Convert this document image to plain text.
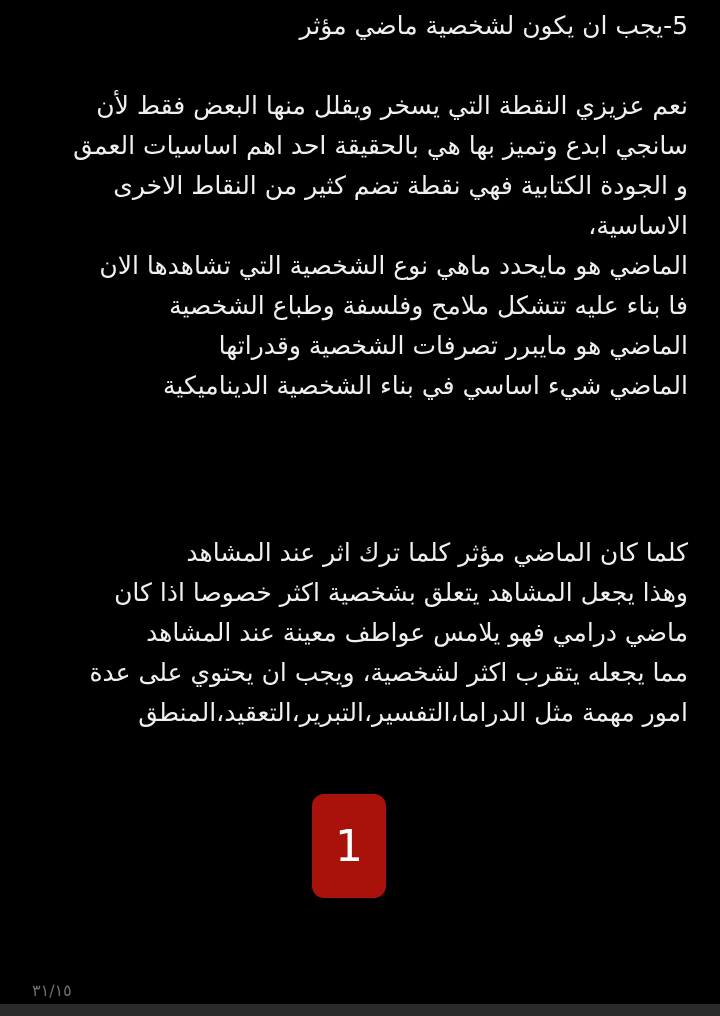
5-يجب ان يكون لشخصية ماضي مؤثر
نعم عزيزي النقطة التي يسخر ويقلل منها البعض فقط لأن
سانجي ابدع وتميز بها هي بالحقيقة احد اهم اساسيات العمق
و الجودة الكتابية فهي نقطة تضم كثير من النقاط الاخرى
الاساسية،
الماضي هو مايحدد ماهي نوع الشخصية التي تشاهدها الان
فا بناء عليه تتشكل ملامح وفلسفة وطباع الشخصية
الماضي هو مايبرر تصرفات الشخصية وقدراتها
الماضي شيء اساسي في بناء الشخصية الديناميكية
كلما كان الماضي مؤثر كلما ترك اثر عند المشاهد
وهذا يجعل المشاهد يتعلق بشخصية اكثر خصوصا اذا كان
ماضي درامي فهو يلامس عواطف معينة عند المشاهد
مما يجعله يتقرب اكثر لشخصية، ويجب ان يحتوي على عدة
امور مهمة مثل الدراما،التفسير،التبرير،التعقيد،المنطق
1
٣١/١٥
